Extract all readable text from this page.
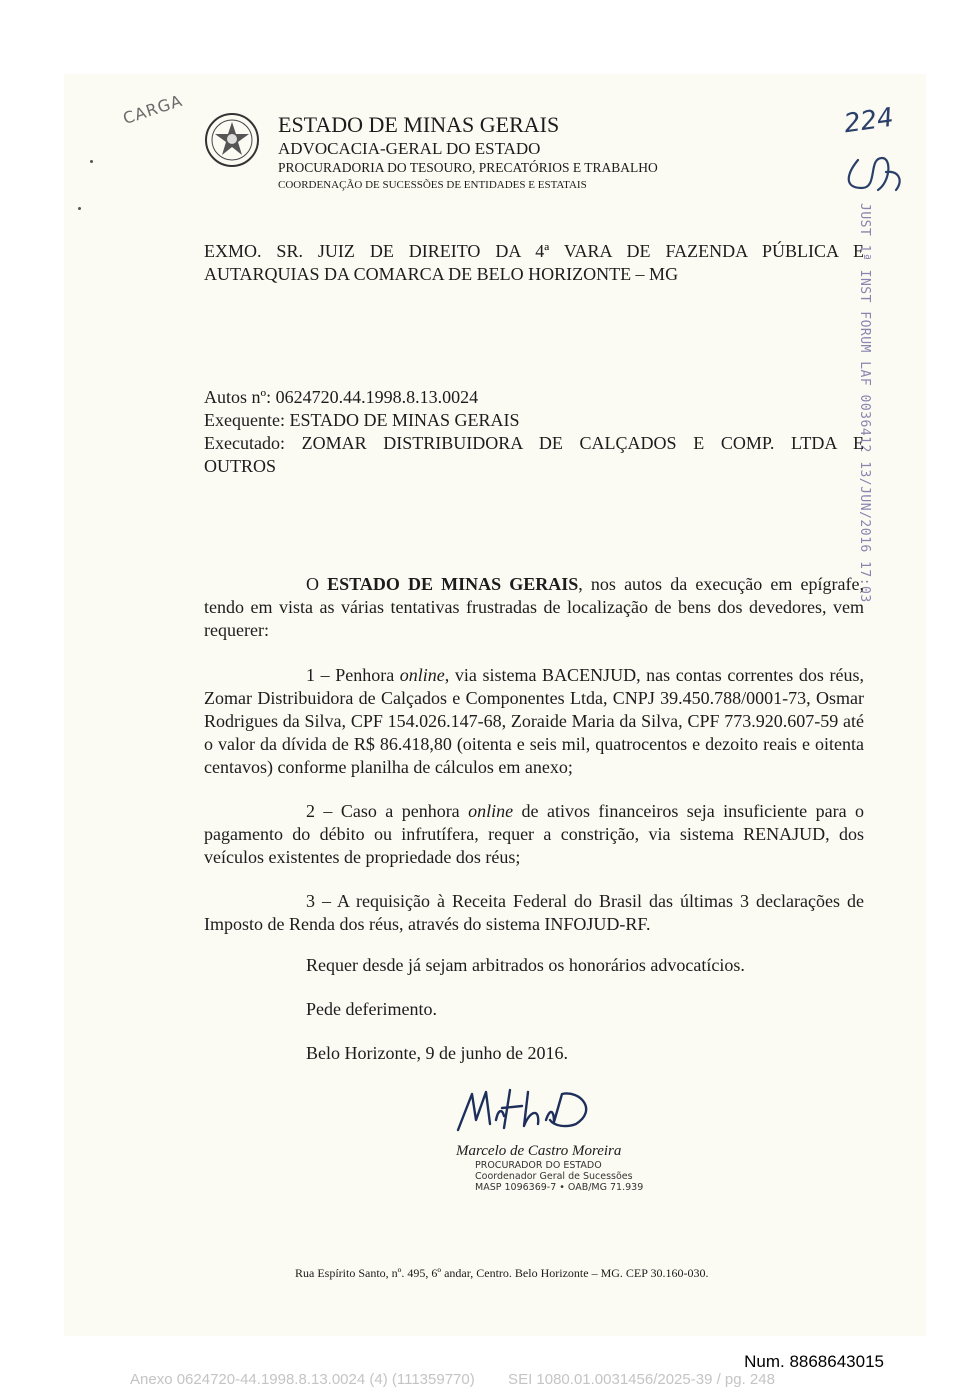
CARGA	ESTADO DE MINAS GERAIS
ADVOCACIA-GERAL DO ESTADO
PROCURADORIA DO TESOURO, PRECATÓRIOS E TRABALHO
COORDENAÇÃO DE SUCESSÕES DE ENTIDADES E ESTATAIS
224
JUST 1ª INST FORUM LAF 0036412 13/JUN/2016 17:03
EXMO. SR. JUIZ DE DIREITO DA 4ª VARA DE FAZENDA PÚBLICA E
AUTARQUIAS DA COMARCA DE BELO HORIZONTE – MG
Autos nº: 0624720.44.1998.8.13.0024
Exequente: ESTADO DE MINAS GERAIS
Executado: ZOMAR DISTRIBUIDORA DE CALÇADOS E COMP. LTDA E
OUTROS
O ESTADO DE MINAS GERAIS, nos autos da execução em epígrafe, tendo em vista as várias tentativas frustradas de localização de bens dos devedores, vem requerer:
1 – Penhora online, via sistema BACENJUD, nas contas correntes dos réus, Zomar Distribuidora de Calçados e Componentes Ltda, CNPJ 39.450.788/0001-73, Osmar Rodrigues da Silva, CPF 154.026.147-68, Zoraide Maria da Silva, CPF 773.920.607-59 até o valor da dívida de R$ 86.418,80 (oitenta e seis mil, quatrocentos e dezoito reais e oitenta centavos) conforme planilha de cálculos em anexo;
2 – Caso a penhora online de ativos financeiros seja insuficiente para o pagamento do débito ou infrutífera, requer a constrição, via sistema RENAJUD, dos veículos existentes de propriedade dos réus;
3 – A requisição à Receita Federal do Brasil das últimas 3 declarações de Imposto de Renda dos réus, através do sistema INFOJUD-RF.
Requer desde já sejam arbitrados os honorários advocatícios.
Pede deferimento.
Belo Horizonte, 9 de junho de 2016.
Marcelo de Castro Moreira
PROCURADOR DO ESTADO
Coordenador Geral de Sucessões
MASP 1096369-7 • OAB/MG 71.939
Rua Espírito Santo, nº. 495, 6º andar, Centro. Belo Horizonte – MG. CEP 30.160-030.
Num. 8868643015
Anexo 0624720-44.1998.8.13.0024 (4) (111359770)        SEI 1080.01.0031456/2025-39 / pg. 248
